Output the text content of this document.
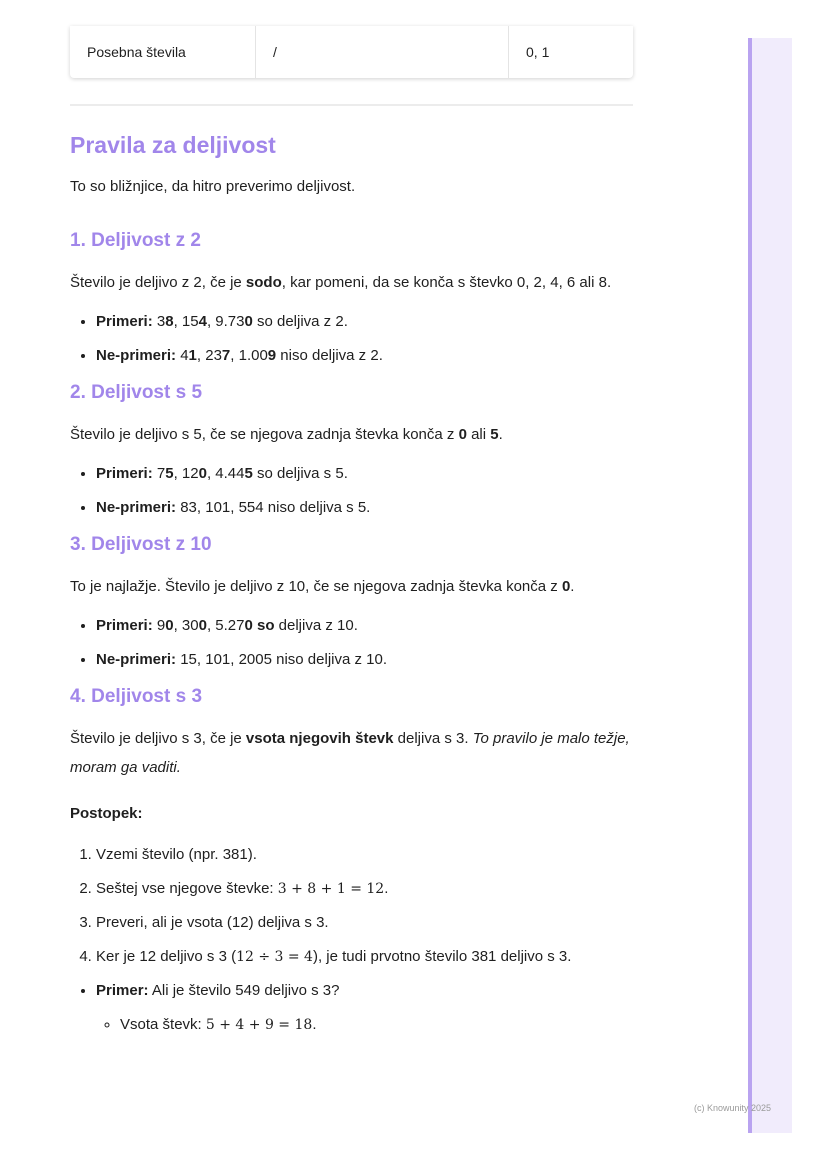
Posebna števila	/	0, 1
Pravila za deljivost

To so bližnjice, da hitro preverimo deljivost.

1. Deljivost z 2

Število je deljivo z 2, če je sodo, kar pomeni, da se konča s števko 0, 2, 4, 6 ali 8.

• Primeri: 38, 154, 9.730 so deljiva z 2.
• Ne-primeri: 41, 237, 1.009 niso deljiva z 2.
2. Deljivost s 5

Število je deljivo s 5, če se njegova zadnja števka konča z 0 ali 5.

• Primeri: 75, 120, 4.445 so deljiva s 5.
• Ne-primeri: 83, 101, 554 niso deljiva s 5.
3. Deljivost z 10

To je najlažje. Število je deljivo z 10, če se njegova zadnja števka konča z 0.

• Primeri: 90, 300, 5.270 so deljiva z 10.
• Ne-primeri: 15, 101, 2005 niso deljiva z 10.
4. Deljivost s 3

Število je deljivo s 3, če je vsota njegovih števk deljiva s 3. To pravilo je malo težje, moram ga vaditi.

Postopek:

1. Vzemi število (npr. 381).
2. Seštej vse njegove števke: 3 + 8 + 1 = 12.
3. Preveri, ali je vsota (12) deljiva s 3.
4. Ker je 12 deljivo s 3 (12 ÷ 3 = 4), je tudi prvotno število 381 deljivo s 3.
• Primer: Ali je število 549 deljivo s 3?
◦ Vsota števk: 5 + 4 + 9 = 18.
(c) Knowunity 2025
